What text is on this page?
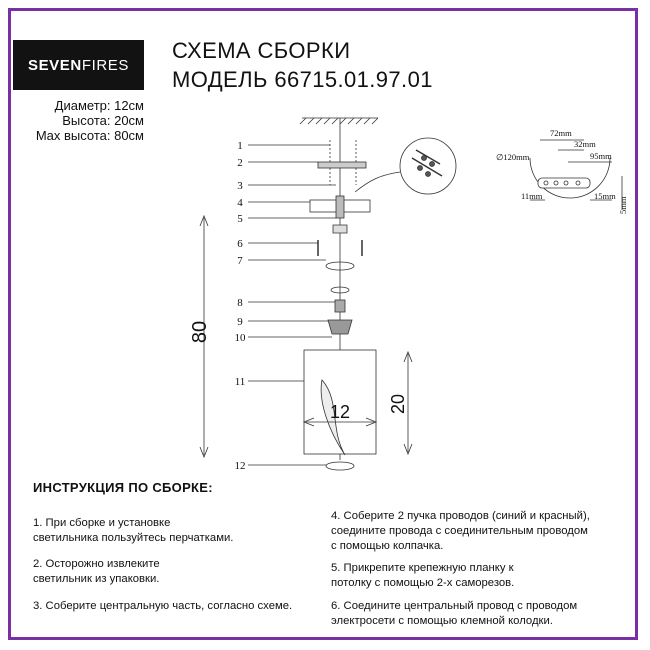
SEVEN FIRES
СХЕМА СБОРКИ
МОДЕЛЬ 66715.01.97.01
Диаметр: 12см
Высота: 20см
Max высота: 80см
1
2
3
4
5
6
7
8
9
10
11
12
80
12 20
∅120mm
72mm
32mm
95mm
11mm	15mm
5mm
ИНСТРУКЦИЯ ПО СБОРКЕ:
1. При сборке и установке
светильника пользуйтесь перчатками.
2. Осторожно извлеките
светильник из упаковки.
3. Соберите центральную часть, согласно схеме.
4. Соберите 2 пучка проводов (синий и красный),
соедините провода с соединительным проводом
с помощью колпачка.
5. Прикрепите крепежную планку к
потолку с помощью 2-х саморезов.
6. Соедините центральный провод с проводом
электросети с помощью клемной колодки.
